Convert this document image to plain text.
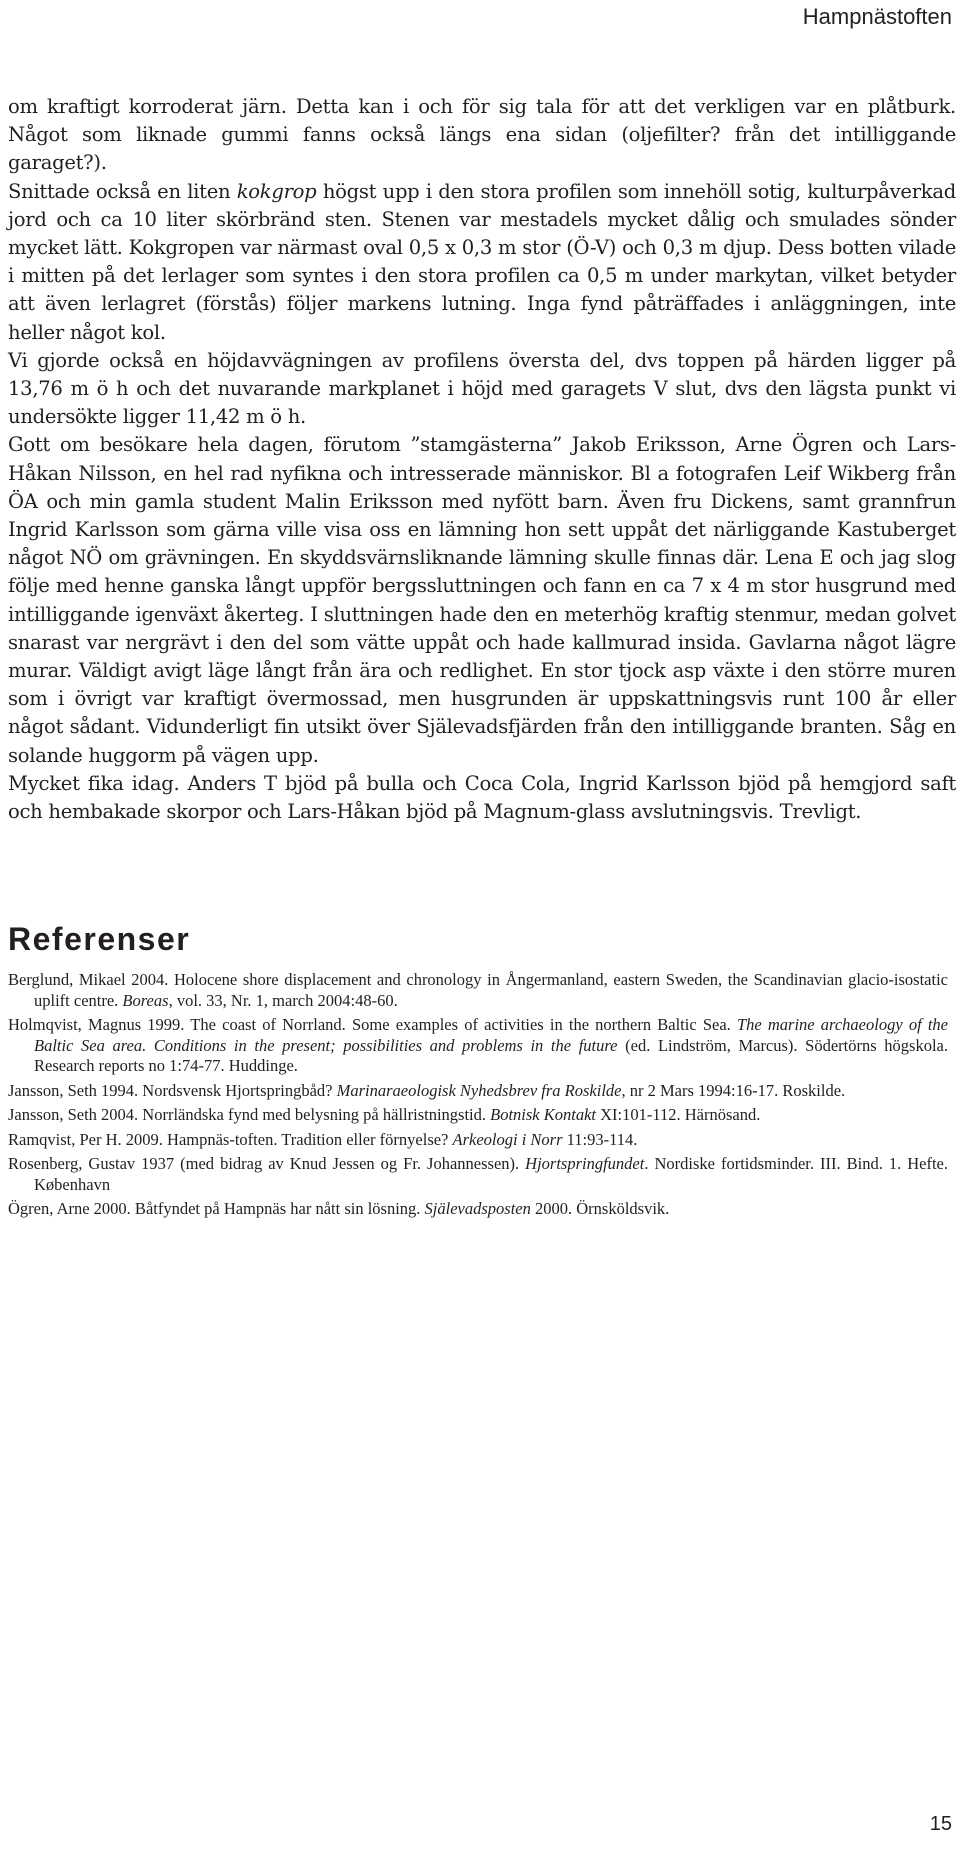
Hampnästoften

om kraftigt korroderat järn. Detta kan i och för sig tala för att det verkligen var en plåtburk. Något som liknade gummi fanns också längs ena sidan (oljefilter? från det intilliggande garaget?).

Snittade också en liten kokgrop högst upp i den stora profilen som innehöll sotig, kulturpåverkad jord och ca 10 liter skörbränd sten. Stenen var mestadels mycket dålig och smulades sönder mycket lätt. Kokgropen var närmast oval 0,5 x 0,3 m stor (Ö-V) och 0,3 m djup. Dess botten vilade i mitten på det lerlager som syntes i den stora profilen ca 0,5 m under markytan, vilket betyder att även lerlagret (förstås) följer markens lutning. Inga fynd påträffades i anläggningen, inte heller något kol.

Vi gjorde också en höjdavvägningen av profilens översta del, dvs toppen på härden ligger på 13,76 m ö h och det nuvarande markplanet i höjd med garagets V slut, dvs den lägsta punkt vi undersökte ligger 11,42 m ö h.

Gott om besökare hela dagen, förutom ”stamgästerna” Jakob Eriksson, Arne Ögren och Lars-Håkan Nilsson, en hel rad nyfikna och intresserade människor. Bl a fotografen Leif Wikberg från ÖA och min gamla student Malin Eriksson med nyfött barn. Även fru Dickens, samt grannfrun Ingrid Karlsson som gärna ville visa oss en lämning hon sett uppåt det närliggande Kastuberget något NÖ om grävningen. En skyddsvärnsliknande lämning skulle finnas där. Lena E och jag slog följe med henne ganska långt uppför bergssluttningen och fann en ca 7 x 4 m stor husgrund med intilliggande igenväxt åkerteg. I sluttningen hade den en meterhög kraftig stenmur, medan golvet snarast var nergrävt i den del som vätte uppåt och hade kallmurad insida. Gavlarna något lägre murar. Väldigt avigt läge långt från ära och redlighet. En stor tjock asp växte i den större muren som i övrigt var kraftigt övermossad, men husgrunden är uppskattningsvis runt 100 år eller något sådant. Vidunderligt fin utsikt över Själevadsfjärden från den intilliggande branten. Såg en solande huggorm på vägen upp.

Mycket fika idag. Anders T bjöd på bulla och Coca Cola, Ingrid Karlsson bjöd på hemgjord saft och hembakade skorpor och Lars-Håkan bjöd på Magnum-glass avslutningsvis. Trevligt.

Referenser

Berglund, Mikael 2004. Holocene shore displacement and chronology in Ångermanland, eastern Sweden, the Scandinavian glacio-isostatic uplift centre. Boreas, vol. 33, Nr. 1, march 2004:48-60.

Holmqvist, Magnus 1999. The coast of Norrland. Some examples of activities in the northern Baltic Sea. The marine archaeology of the Baltic Sea area. Conditions in the present; possibilities and problems in the future (ed. Lindström, Marcus). Södertörns högskola. Research reports no 1:74-77. Huddinge.

Jansson, Seth 1994. Nordsvensk Hjortspringbåd? Marinaraeologisk Nyhedsbrev fra Roskilde, nr 2 Mars 1994:16-17. Roskilde.

Jansson, Seth 2004. Norrländska fynd med belysning på hällristningstid. Botnisk Kontakt XI:101-112. Härnösand.

Ramqvist, Per H. 2009. Hampnäs-toften. Tradition eller förnyelse? Arkeologi i Norr 11:93-114.

Rosenberg, Gustav 1937 (med bidrag av Knud Jessen og Fr. Johannessen). Hjortspringfundet. Nordiske fortidsminder. III. Bind. 1. Hefte. København

Ögren, Arne 2000. Båtfyndet på Hampnäs har nått sin lösning. Själevadsposten 2000. Örnsköldsvik.

15
